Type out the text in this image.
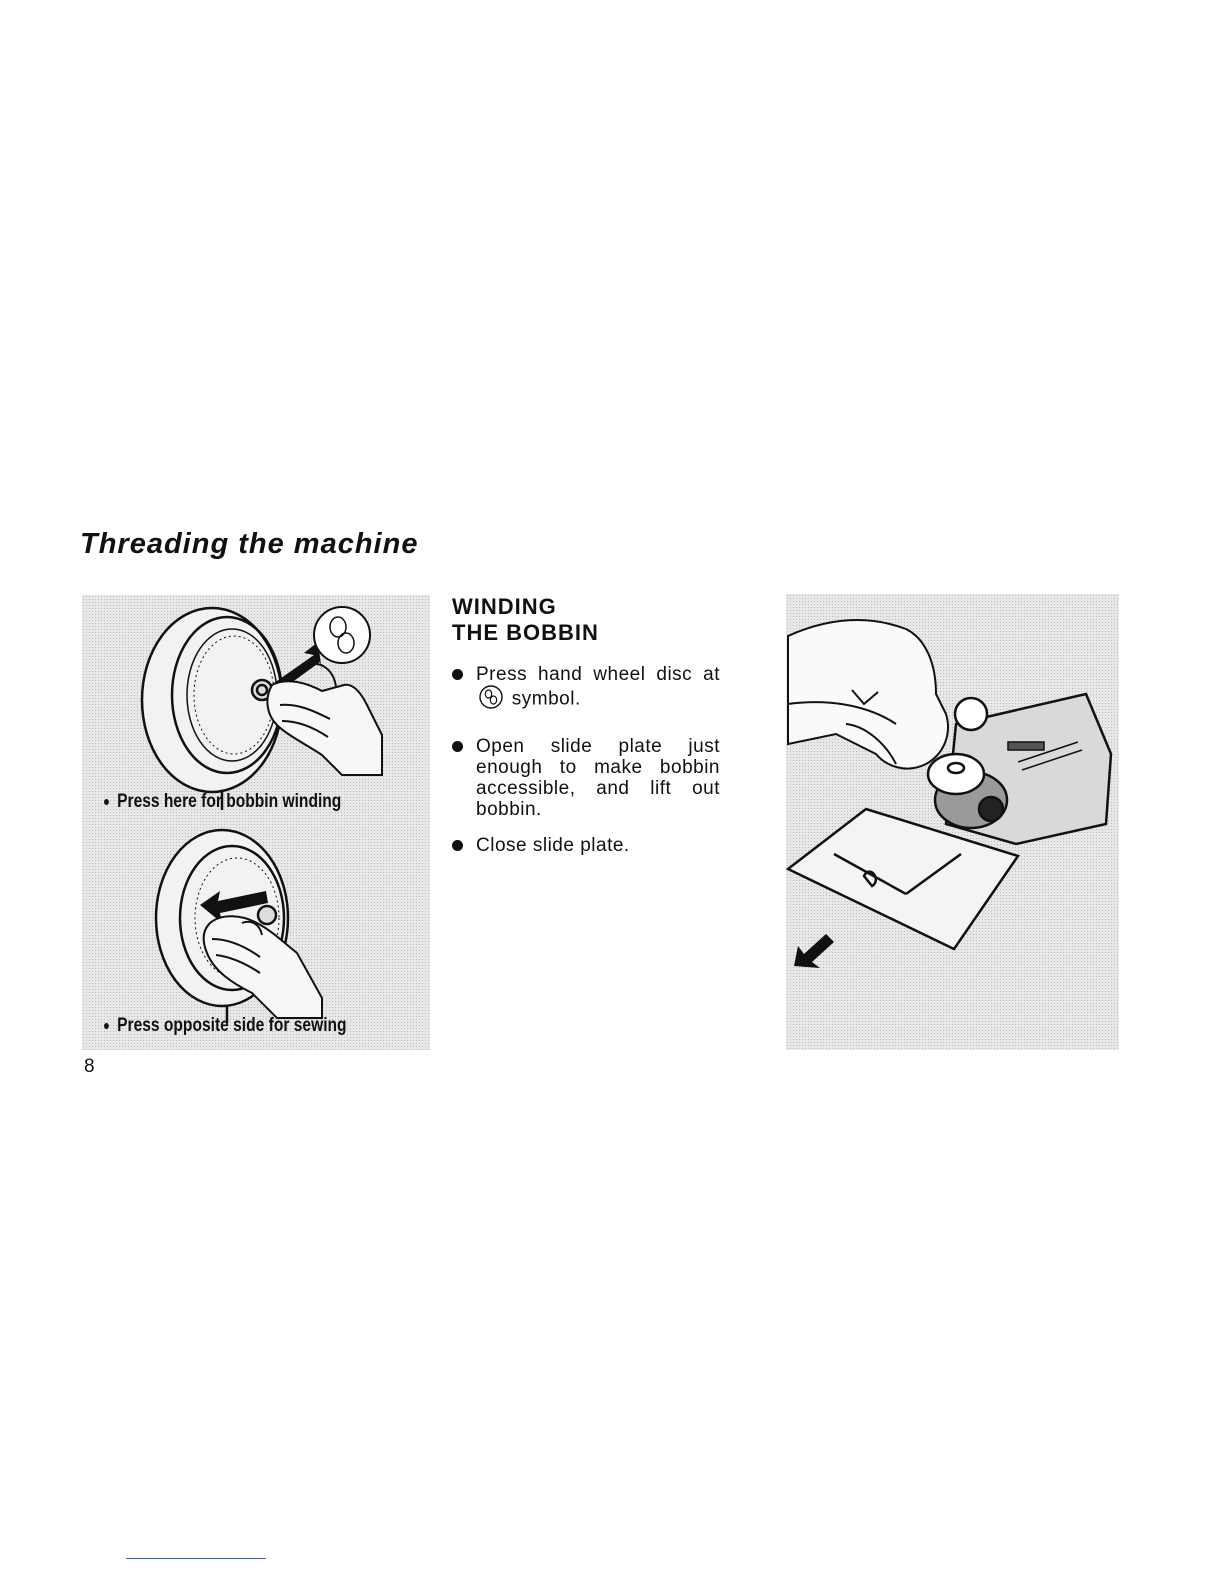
Threading the machine
Press here for bobbin winding
Press opposite side for sewing
WINDING
THE BOBBIN
Press hand wheel disc at  symbol.
Open slide plate just enough to make bobbin accessible, and lift out bobbin.
Close slide plate.
8
